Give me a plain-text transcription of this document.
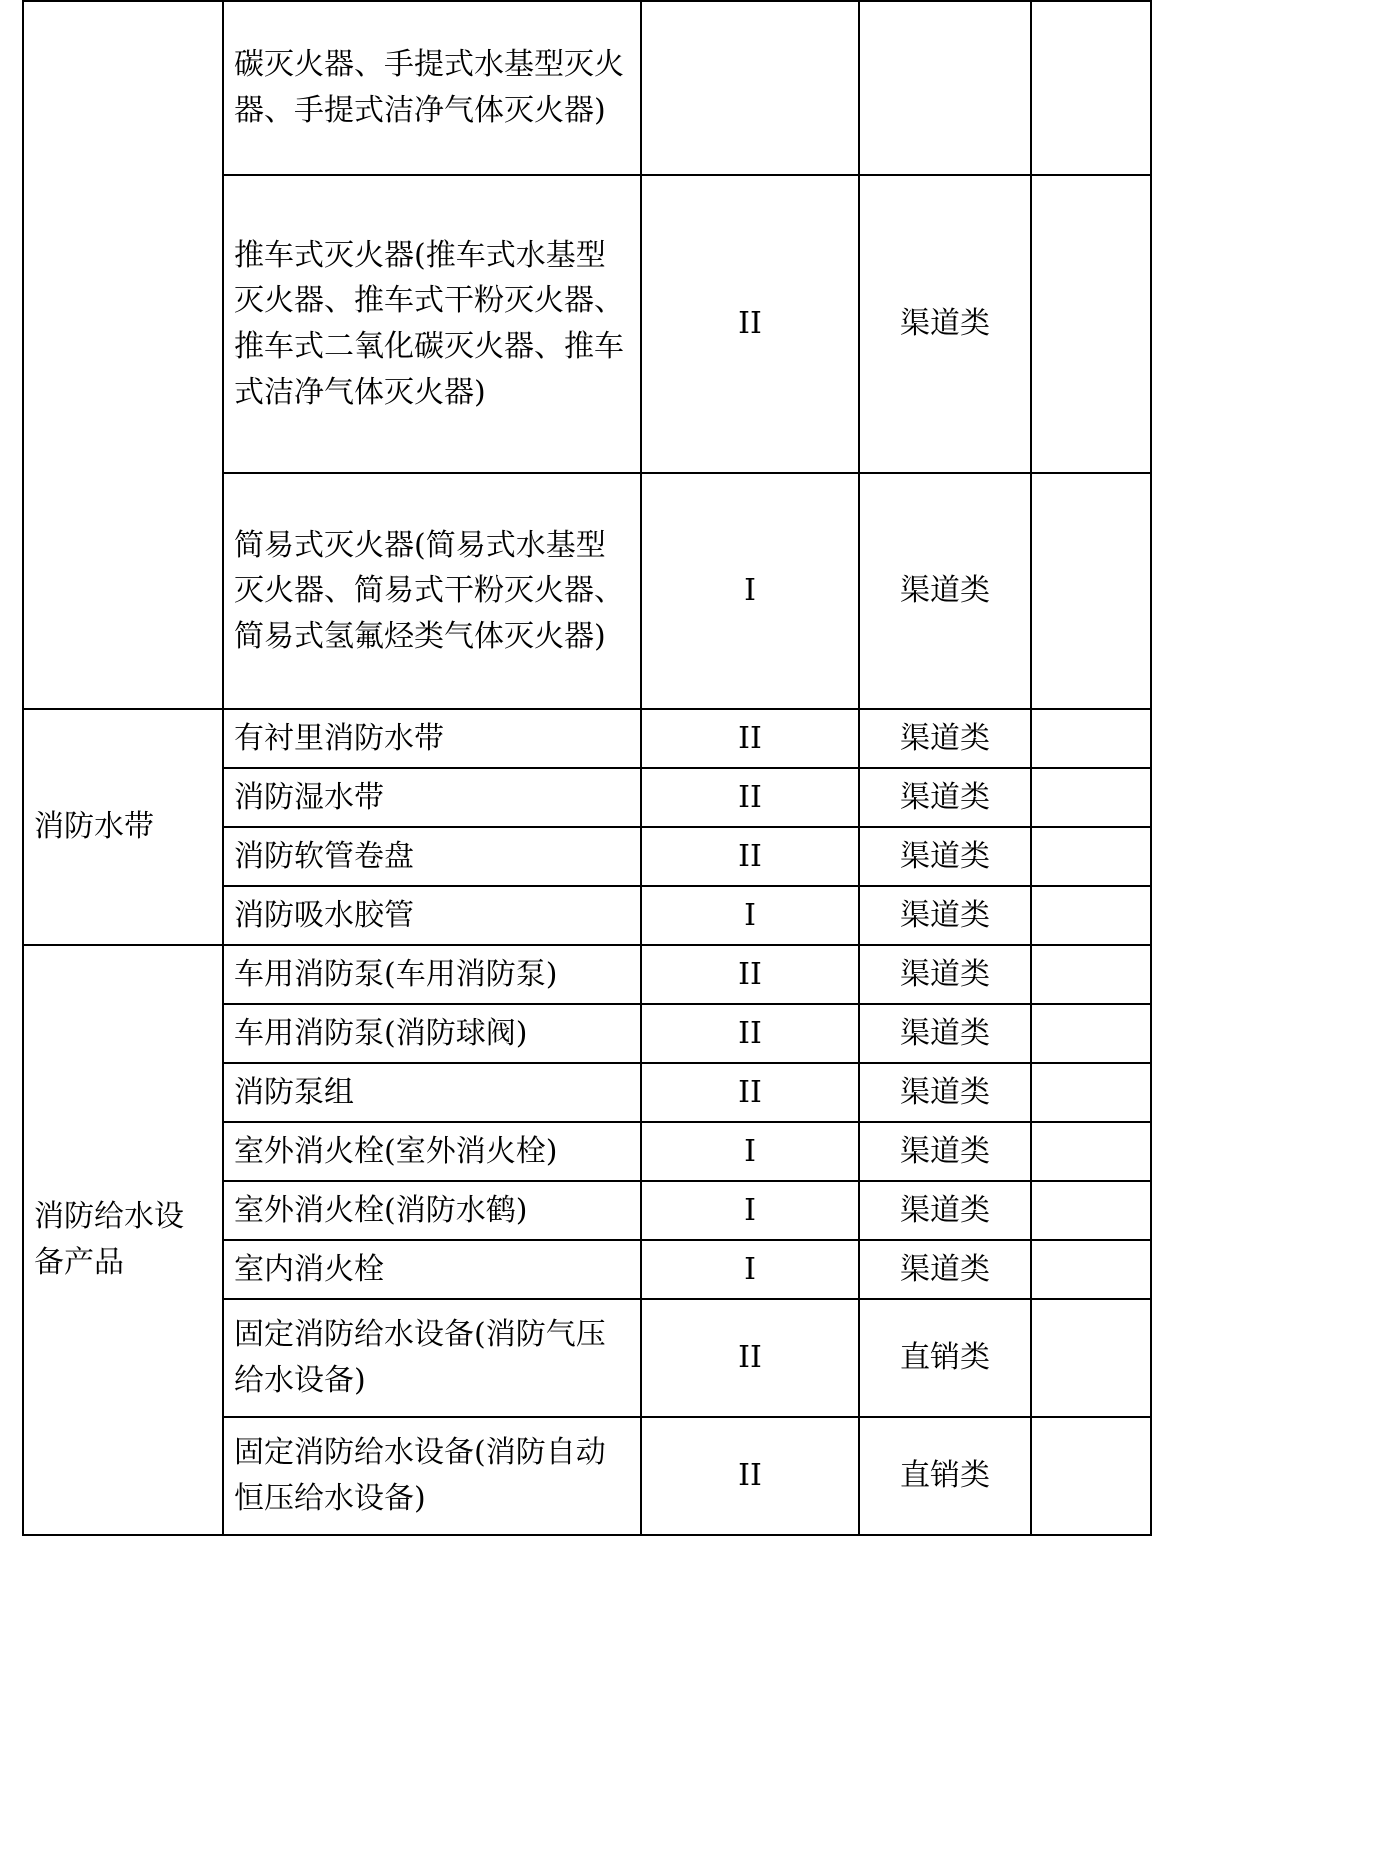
	碳灭火器、手提式水基型灭火器、手提式洁净气体灭火器)			
	推车式灭火器(推车式水基型灭火器、推车式干粉灭火器、推车式二氧化碳灭火器、推车式洁净气体灭火器)	II	渠道类	
	简易式灭火器(简易式水基型灭火器、简易式干粉灭火器、简易式氢氟烃类气体灭火器)	I	渠道类	
消防水带	有衬里消防水带	II	渠道类	
	消防湿水带	II	渠道类	
	消防软管卷盘	II	渠道类	
	消防吸水胶管	I	渠道类	
消防给水设备产品	车用消防泵(车用消防泵)	II	渠道类	
	车用消防泵(消防球阀)	II	渠道类	
	消防泵组	II	渠道类	
	室外消火栓(室外消火栓)	I	渠道类	
	室外消火栓(消防水鹤)	I	渠道类	
	室内消火栓	I	渠道类	
	固定消防给水设备(消防气压给水设备)	II	直销类	
	固定消防给水设备(消防自动恒压给水设备)	II	直销类	
